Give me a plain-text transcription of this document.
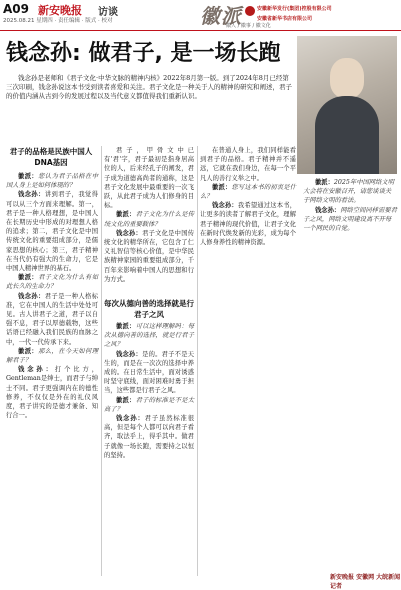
A09 新安晚报 访谈
2025.08.21 星期四 · 责任编辑 · 版式 · 校对	徽派
徽人 / 徽事 / 徽文化
安徽新华发行(集团)控股有限公司
安徽省新华书店有限公司
钱念孙: 做君子, 是一场长跑
钱念孙是老师和《君子文化·中华文脉的精神内核》2022年8月第一版。到了2024年8月已经第三次印刷，钱念孙说这本书受到读者喜爱和关注。君子文化是一种关于人的精神的研究和阐述，君子的价值内涵从古到今的发展过程以及当代意义都值得我们重新认识。
君子的品格是民族中国人DNA基因

徽派：您认为君子品格在中国人身上是如何体现的？

钱念孙：讲到君子，我觉得可以从三个方面来理解。第一，君子是一种人格理想，是中国人在长期历史中形成的对理想人格的追求；第二，君子文化是中国传统文化的重要组成部分，是儒家思想的核心；第三，君子精神在当代仍有强大的生命力，它是中国人精神世界的基石。

徽派：君子文化为什么有如此长久的生命力？

钱念孙：君子是一种人格标准，它在中国人的生活中处处可见。古人讲君子之道，君子以自强不息，君子以厚德载物，这些话语已经融入我们民族的血脉之中，一代一代传承下来。

徽派：那么，在今天如何理解君子？

钱念孙：打个比方，Gentleman是绅士，而君子与绅士不同。君子更强调内在的德性修养，不仅仅是外在的礼仪风度，君子讲究的是德才兼备、知行合一。

君子，甲骨文中已有'君'字，君子最初是指身居高位的人，后来经孔子的阐发，君子成为道德高尚者的通称，这是君子文化发展中最重要的一次飞跃，从此君子成为人们修身的目标。

徽派：君子文化为什么是传统文化的重要载体？

钱念孙：君子文化是中国传统文化的精华所在，它包含了仁义礼智信等核心价值，是中华民族精神家园的重要组成部分，千百年来影响着中国人的思想和行为方式。

每次从德向善的选择就是行君子之风

徽派：可以这样理解吗：每次从德向善的选择，就是行君子之风？

钱念孙：是的。君子不是天生的，而是在一次次的选择中养成的。在日常生活中，面对诱惑时坚守底线，面对困难时勇于担当，这些都是行君子之风。

徽派：君子的标准是不是太高了？

钱念孙：君子虽然标准很高，但是每个人都可以向君子看齐，取法乎上，得乎其中。做君子就像一场长跑，需要持之以恒的坚持。

在普通人身上，我们同样能看到君子的品格。君子精神并不遥远，它就在我们身边，在每一个平凡人的善行义举之中。

徽派：您写这本书的初衷是什么？

钱念孙：我希望通过这本书，让更多的读者了解君子文化，理解君子精神的现代价值，让君子文化在新时代焕发新的光彩，成为每个人修身养性的精神资源。

徽派：2025年中国网络文明大会将在安徽召开，请您谈谈关于网络文明的看法。

钱念孙：网络空间同样需要君子之风，网络文明建设离不开每一个网民的自觉。

新安晚报 安徽网 大皖新闻记者
